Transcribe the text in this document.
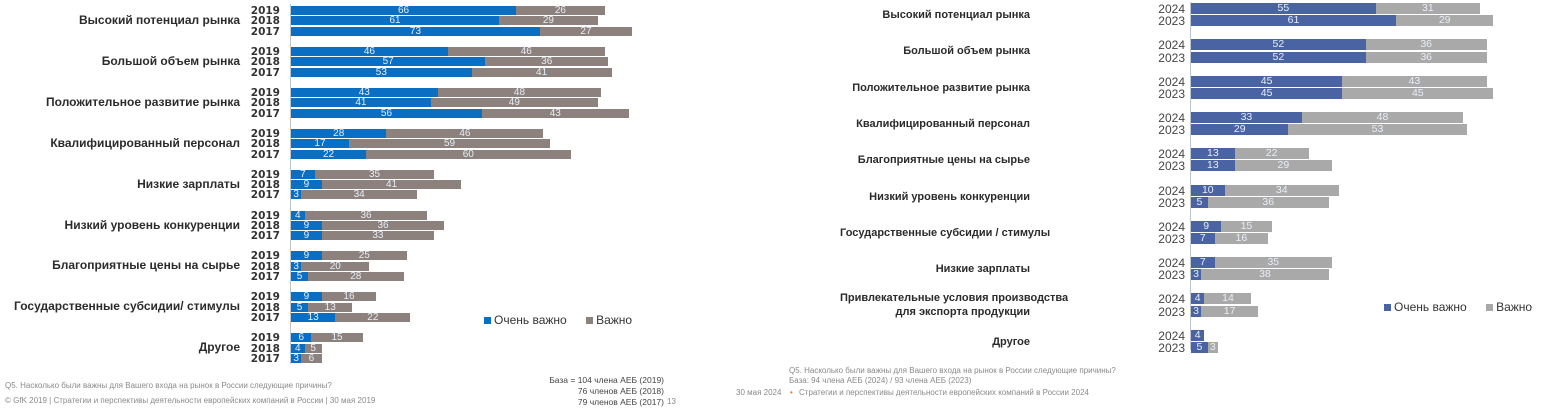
Высокий потенциал рынка
2019	66	26
2018	61	29
2017	73	27
Большой объем рынка
2019	46	46
2018	57	36
2017	53	41
Положительное развитие рынка
2019	43	48
2018	41	49
2017	56	43
Квалифицированный персонал
2019	28	46
2018	17	59
2017	22	60
Низкие зарплаты
2019	7	35
2018	9	41
2017 3	34
Низкий уровень конкуренции
2019	4	36
2018	9	36
2017	9	33
Благоприятные цены на сырье
2019	9	25
2018 3	20
2017	5	28
Государственные субсидии/ стимулы
2019	9	16
2018	5	13
2017	13	22
Другое
2019	6	15
2018	4 5
2017 3 6
Высокий потенциал рынка	2024	55	31
2023	61	29
Большой объем рынка	2024	52	36
2023	52	36
Положительное развитие рынка	2024	45	43
2023	45	45
Квалифицированный персонал	2024	33	48
2023	29	53
Благоприятные цены на сырье	2024	13	22
2023	13	29
Низкий уровень конкуренции	2024	10	34
2023	5	36
Государственные субсидии / стимулы	2024	9	15
2023	7	16
Низкие зарплаты	2024	7	35
2023 3	38
Привлекательные условия производства
для экспорта продукции
2024 4	14
2023 3	17
Другое	2024 4
2023	5 3
Очень важно Важно
Очень важно Важно
Q5. Насколько были важны для Вашего входа на рынок в России следующие причины?
© GfK 2019 | Стратегии и перспективы деятельности европейских компаний в России | 30 мая 2019
База = 104 члена АЕБ (2019)
76 членов АЕБ (2018)
79 членов АЕБ (2017) 13
Q5. Насколько были важны для Вашего входа на рынок в России следующие причины?
База: 94 члена АЕБ (2024) / 93 члена АЕБ (2023)
30 мая 2024 • Стратегии и перспективы деятельности европейских компаний в России 2024
